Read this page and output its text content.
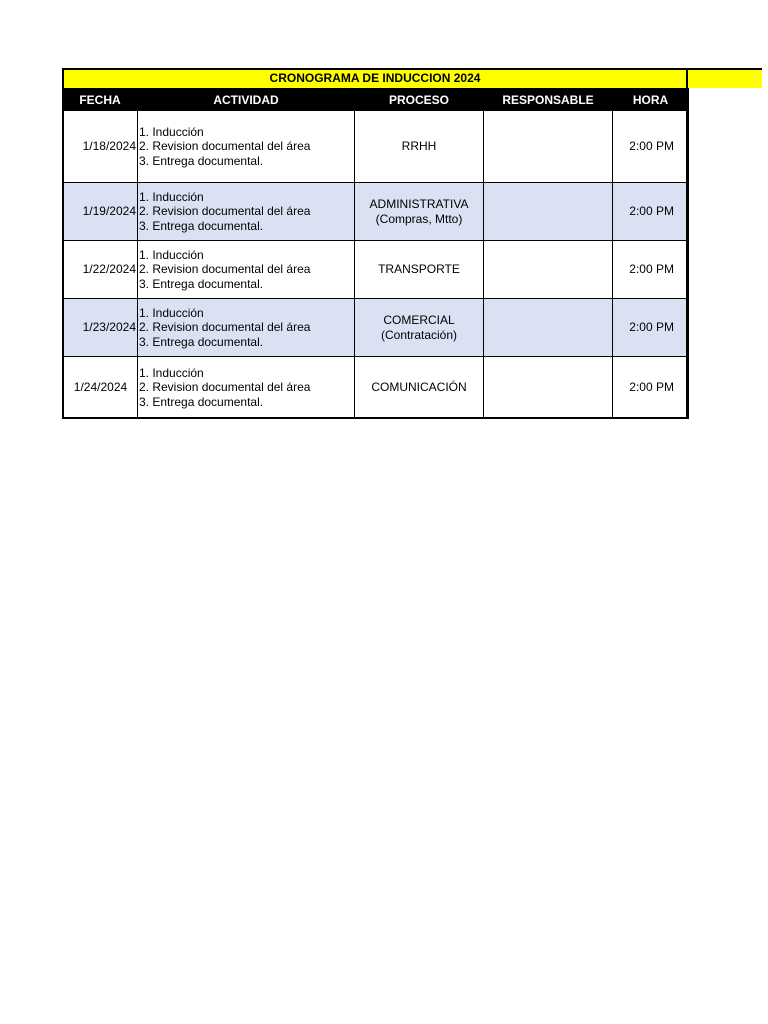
CRONOGRAMA DE INDUCCION 2024
FECHA	ACTIVIDAD	PROCESO	RESPONSABLE	HORA
1/18/2024	1. Inducción
2. Revision documental del área
3. Entrega documental.	RRHH		2:00 PM
1/19/2024	1. Inducción
2. Revision documental del área
3. Entrega documental.	ADMINISTRATIVA
(Compras, Mtto)		2:00 PM
1/22/2024	1. Inducción
2. Revision documental del área
3. Entrega documental.	TRANSPORTE		2:00 PM
1/23/2024	1. Inducción
2. Revision documental del área
3. Entrega documental.	COMERCIAL
(Contratación)		2:00 PM
1/24/2024	1. Inducción
2. Revision documental del área
3. Entrega documental.	COMUNICACIÓN		2:00 PM
